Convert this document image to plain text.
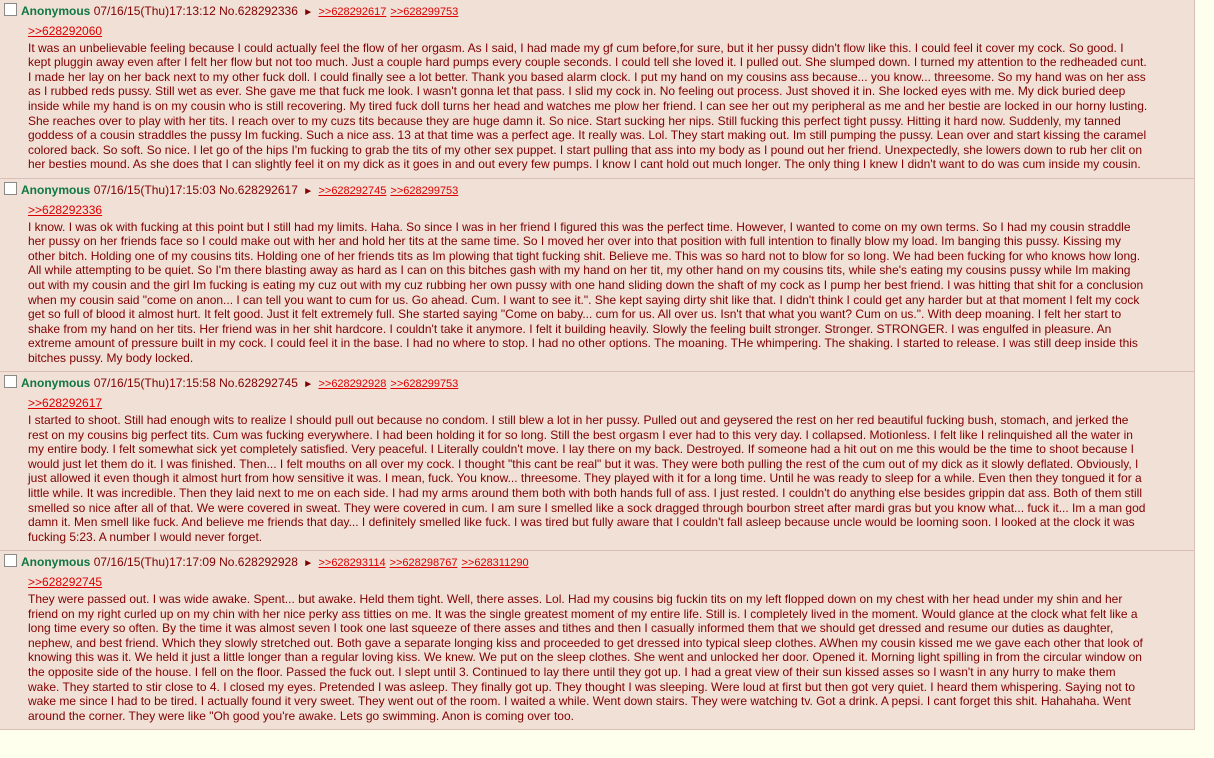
Anonymous 07/16/15(Thu)17:13:12 No.628292336 ► >>628292617 >>628299753
>>628292060
It was an unbelievable feeling because I could actually feel the flow of her orgasm. As I said, I had made my gf cum before,for sure, but it her pussy didn't flow like this. I could feel it cover my cock. So good. I kept pluggin away even after I felt her flow but not too much. Just a couple hard pumps every couple seconds. I could tell she loved it. I pulled out. She slumped down. I turned my attention to the redheaded cunt. I made her lay on her back next to my other fuck doll. I could finally see a lot better. Thank you based alarm clock. I put my hand on my cousins ass because... you know... threesome. So my hand was on her ass as I rubbed reds pussy. Still wet as ever. She gave me that fuck me look. I wasn't gonna let that pass. I slid my cock in. No feeling out process. Just shoved it in. She locked eyes with me. My dick buried deep inside while my hand is on my cousin who is still recovering. My tired fuck doll turns her head and watches me plow her friend. I can see her out my peripheral as me and her bestie are locked in our horny lusting. She reaches over to play with her tits. I reach over to my cuzs tits because they are huge damn it. So nice. Start sucking her nips. Still fucking this perfect tight pussy. Hitting it hard now. Suddenly, my tanned goddess of a cousin straddles the pussy Im fucking. Such a nice ass. 13 at that time was a perfect age. It really was. Lol. They start making out. Im still pumping the pussy. Lean over and start kissing the caramel colored back. So soft. So nice. I let go of the hips I'm fucking to grab the tits of my other sex puppet. I start pulling that ass into my body as I pound out her friend. Unexpectedly, she lowers down to rub her clit on her besties mound. As she does that I can slightly feel it on my dick as it goes in and out every few pumps. I know I cant hold out much longer. The only thing I knew I didn't want to do was cum inside my cousin.
Anonymous 07/16/15(Thu)17:15:03 No.628292617 ► >>628292745 >>628299753
>>628292336
I know. I was ok with fucking at this point but I still had my limits. Haha. So since I was in her friend I figured this was the perfect time. However, I wanted to come on my own terms. So I had my cousin straddle her pussy on her friends face so I could make out with her and hold her tits at the same time. So I moved her over into that position with full intention to finally blow my load. Im banging this pussy. Kissing my other bitch. Holding one of my cousins tits. Holding one of her friends tits as Im plowing that tight fucking shit. Believe me. This was so hard not to blow for so long. We had been fucking for who knows how long. All while attempting to be quiet. So I'm there blasting away as hard as I can on this bitches gash with my hand on her tit, my other hand on my cousins tits, while she's eating my cousins pussy while Im making out with my cousin and the girl Im fucking is eating my cuz out with my cuz rubbing her own pussy with one hand sliding down the shaft of my cock as I pump her best friend. I was hitting that shit for a conclusion when my cousin said "come on anon... I can tell you want to cum for us. Go ahead. Cum. I want to see it.". She kept saying dirty shit like that. I didn't think I could get any harder but at that moment I felt my cock get so full of blood it almost hurt. It felt good. Just it felt extremely full. She started saying "Come on baby... cum for us. All over us. Isn't that what you want? Cum on us.". With deep moaning. I felt her start to shake from my hand on her tits. Her friend was in her shit hardcore. I couldn't take it anymore. I felt it building heavily. Slowly the feeling built stronger. Stronger. STRONGER. I was engulfed in pleasure. An extreme amount of pressure built in my cock. I could feel it in the base. I had no where to stop. I had no other options. The moaning. THe whimpering. The shaking. I started to release. I was still deep inside this bitches pussy. My body locked.
Anonymous 07/16/15(Thu)17:15:58 No.628292745 ► >>628292928 >>628299753
>>628292617
I started to shoot. Still had enough wits to realize I should pull out because no condom. I still blew a lot in her pussy. Pulled out and geysered the rest on her red beautiful fucking bush, stomach, and jerked the rest on my cousins big perfect tits. Cum was fucking everywhere. I had been holding it for so long. Still the best orgasm I ever had to this very day. I collapsed. Motionless. I felt like I relinquished all the water in my entire body. I felt somewhat sick yet completely satisfied. Very peaceful. I Literally couldn't move. I lay there on my back. Destroyed. If someone had a hit out on me this would be the time to shoot because I would just let them do it. I was finished. Then... I felt mouths on all over my cock. I thought "this cant be real" but it was. They were both pulling the rest of the cum out of my dick as it slowly deflated. Obviously, I just allowed it even though it almost hurt from how sensitive it was. I mean, fuck. You know... threesome. They played with it for a long time. Until he was ready to sleep for a while. Even then they tongued it for a little while. It was incredible. Then they laid next to me on each side. I had my arms around them both with both hands full of ass. I just rested. I couldn't do anything else besides grippin dat ass. Both of them still smelled so nice after all of that. We were covered in sweat. They were covered in cum. I am sure I smelled like a sock dragged through bourbon street after mardi gras but you know what... fuck it... Im a man god damn it. Men smell like fuck. And believe me friends that day... I definitely smelled like fuck. I was tired but fully aware that I couldn't fall asleep because uncle would be looming soon. I looked at the clock it was fucking 5:23. A number I would never forget.
Anonymous 07/16/15(Thu)17:17:09 No.628292928 ► >>628293114 >>628298767 >>628311290
>>628292745
They were passed out. I was wide awake. Spent... but awake. Held them tight. Well, there asses. Lol. Had my cousins big fuckin tits on my left flopped down on my chest with her head under my shin and her friend on my right curled up on my chin with her nice perky ass titties on me. It was the single greatest moment of my entire life. Still is. I completely lived in the moment. Would glance at the clock what felt like a long time every so often. By the time it was almost seven I took one last squeeze of there asses and tithes and then I casually informed them that we should get dressed and resume our duties as daughter, nephew, and best friend. Which they slowly stretched out. Both gave a separate longing kiss and proceeded to get dressed into typical sleep clothes. AWhen my cousin kissed me we gave each other that look of knowing this was it. We held it just a little longer than a regular loving kiss. We knew. We put on the sleep clothes. She went and unlocked her door. Opened it. Morning light spilling in from the circular window on the opposite side of the house. I fell on the floor. Passed the fuck out. I slept until 3. Continued to lay there until they got up. I had a great view of their sun kissed asses so I wasn't in any hurry to make them wake. They started to stir close to 4. I closed my eyes. Pretended I was asleep. They finally got up. They thought I was sleeping. Were loud at first but then got very quiet. I heard them whispering. Saying not to wake me since I had to be tired. I actually found it very sweet. They went out of the room. I waited a while. Went down stairs. They were watching tv. Got a drink. A pepsi. I cant forget this shit. Hahahaha. Went around the corner. They were like "Oh good you're awake. Lets go swimming. Anon is coming over too.
